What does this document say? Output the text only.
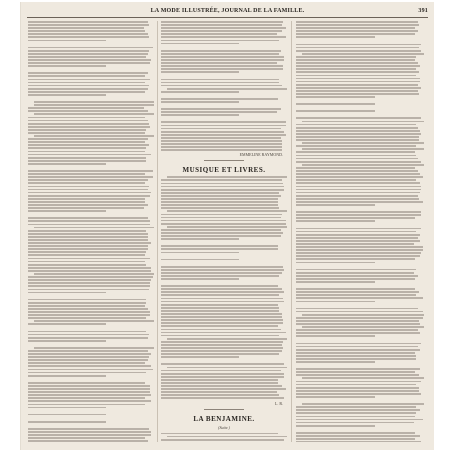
LA MODE ILLUSTRÉE, JOURNAL DE LA FAMILLE.	391
EMMELINE RAYMOND.
MUSIQUE ET LIVRES.
L. R.
LA BENJAMINE.
(Suite.)
